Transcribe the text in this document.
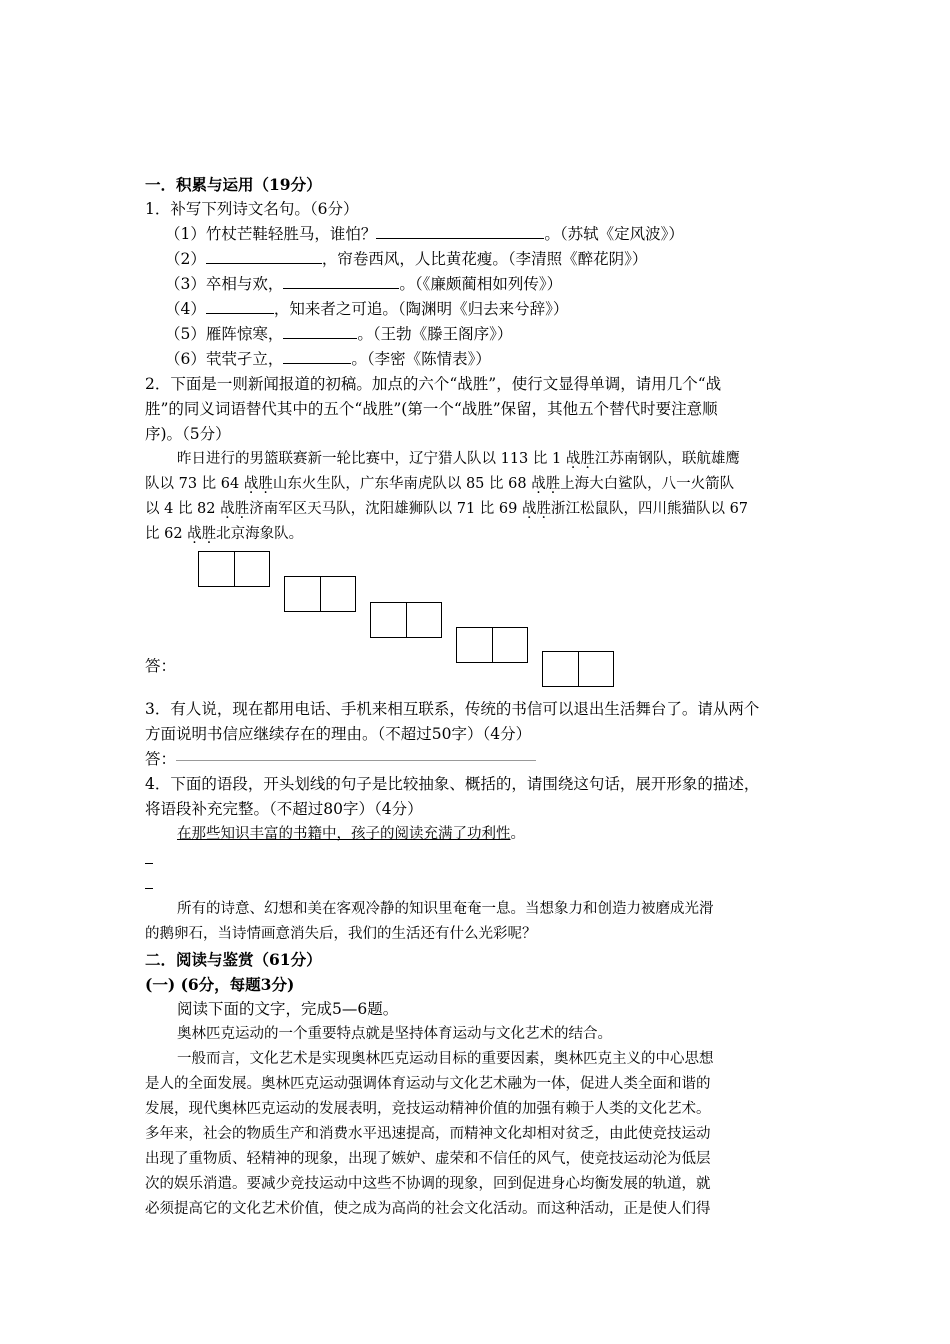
一．积累与运用（19分）
1．补写下列诗文名句。（6分）
（1）竹杖芒鞋轻胜马，谁怕？	。（苏轼《定风波》）
（2）	，帘卷西风，人比黄花瘦。（李清照《醉花阴》）
（3）卒相与欢，	。（《廉颇蔺相如列传》）
（4）	，知来者之可追。（陶渊明《归去来兮辞》）
（5）雁阵惊寒，	。（王勃《滕王阁序》）
（6）茕茕孑立，	。（李密《陈情表》）
2．下面是一则新闻报道的初稿。加点的六个“战胜”，使行文显得单调，请用几个“战
胜”的同义词语替代其中的五个“战胜”(第一个“战胜”保留，其他五个替代时要注意顺
序)。（5分）
昨日进行的男篮联赛新一轮比赛中，辽宁猎人队以 113 比 1 战胜江苏南钢队，联航雄鹰
队以 73 比 64 战胜山东火生队，广东华南虎队以 85 比 68 战胜上海大白鲨队，八一火箭队
以 4 比 82 战胜济南军区天马队，沈阳雄狮队以 71 比 69 战胜浙江松鼠队，四川熊猫队以 67
比 62 战胜北京海象队。
答：
3．有人说，现在都用电话、手机来相互联系，传统的书信可以退出生活舞台了。请从两个
方面说明书信应继续存在的理由。（不超过50字）（4分）
答：
4．下面的语段，开头划线的句子是比较抽象、概括的，请围绕这句话，展开形象的描述，
将语段补充完整。（不超过80字）（4分）
在那些知识丰富的书籍中，孩子的阅读充满了功利性。
所有的诗意、幻想和美在客观冷静的知识里奄奄一息。当想象力和创造力被磨成光滑
的鹅卵石，当诗情画意消失后，我们的生活还有什么光彩呢？
二．阅读与鉴赏（61分）
(一) (6分，每题3分)
阅读下面的文字，完成5—6题。
奥林匹克运动的一个重要特点就是坚持体育运动与文化艺术的结合。
一般而言，文化艺术是实现奥林匹克运动目标的重要因素，奥林匹克主义的中心思想
是人的全面发展。奥林匹克运动强调体育运动与文化艺术融为一体，促进人类全面和谐的
发展，现代奥林匹克运动的发展表明，竞技运动精神价值的加强有赖于人类的文化艺术。
多年来，社会的物质生产和消费水平迅速提高，而精神文化却相对贫乏，由此使竞技运动
出现了重物质、轻精神的现象，出现了嫉妒、虚荣和不信任的风气，使竞技运动沦为低层
次的娱乐消遣。要减少竞技运动中这些不协调的现象，回到促进身心均衡发展的轨道，就
必须提高它的文化艺术价值，使之成为高尚的社会文化活动。而这种活动，正是使人们得
